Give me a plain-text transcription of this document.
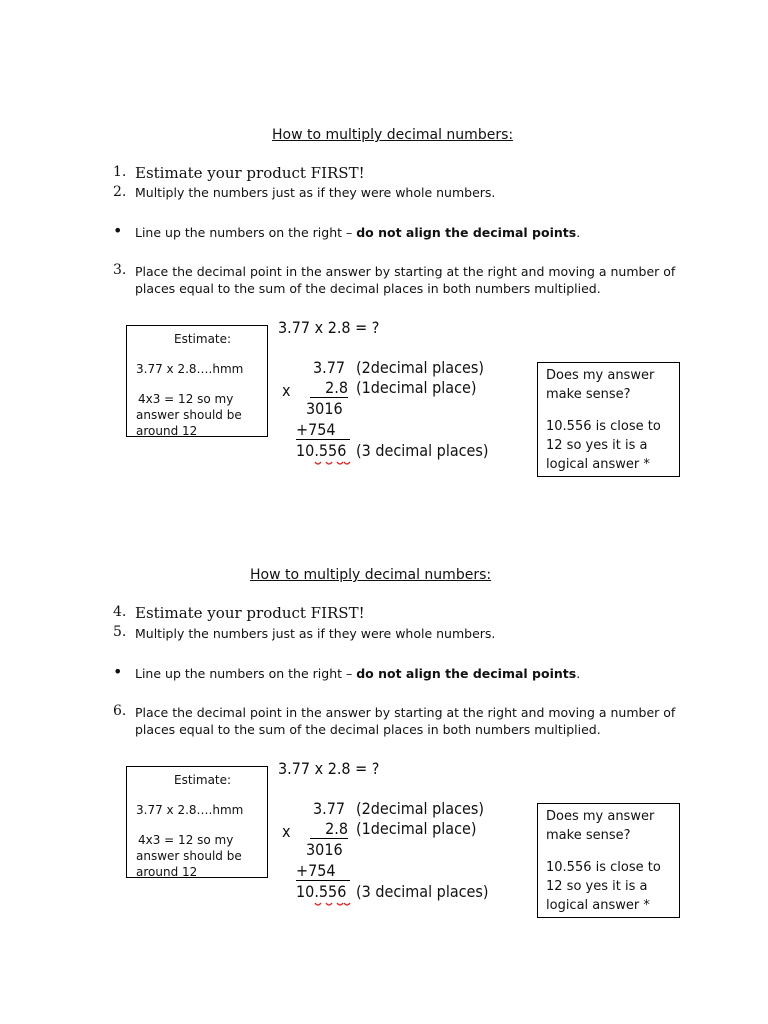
How to multiply decimal numbers:
1. Estimate your product FIRST!
2. Multiply the numbers just as if they were whole numbers.
• Line up the numbers on the right – do not align the decimal points.
3. Place the decimal point in the answer by starting at the right and moving a number of places equal to the sum of the decimal places in both numbers multiplied.

Estimate:

3.77 x 2.8….hmm

4x3 = 12 so my

answer should be

around 12

3.77 x 2.8 = ?
3.77 (2decimal places)
x	2.8 (1decimal place)
3016
+754
10.556 (3 decimal places)

Does my answer

make sense?

10.556 is close to

12 so yes it is a

logical answer *

How to multiply decimal numbers:
4. Estimate your product FIRST!
5. Multiply the numbers just as if they were whole numbers.
• Line up the numbers on the right – do not align the decimal points.
6. Place the decimal point in the answer by starting at the right and moving a number of places equal to the sum of the decimal places in both numbers multiplied.

Estimate:

3.77 x 2.8….hmm

4x3 = 12 so my

answer should be

around 12

3.77 x 2.8 = ?
3.77 (2decimal places)
x	2.8 (1decimal place)
3016
+754
10.556 (3 decimal places)

Does my answer

make sense?

10.556 is close to

12 so yes it is a

logical answer *
